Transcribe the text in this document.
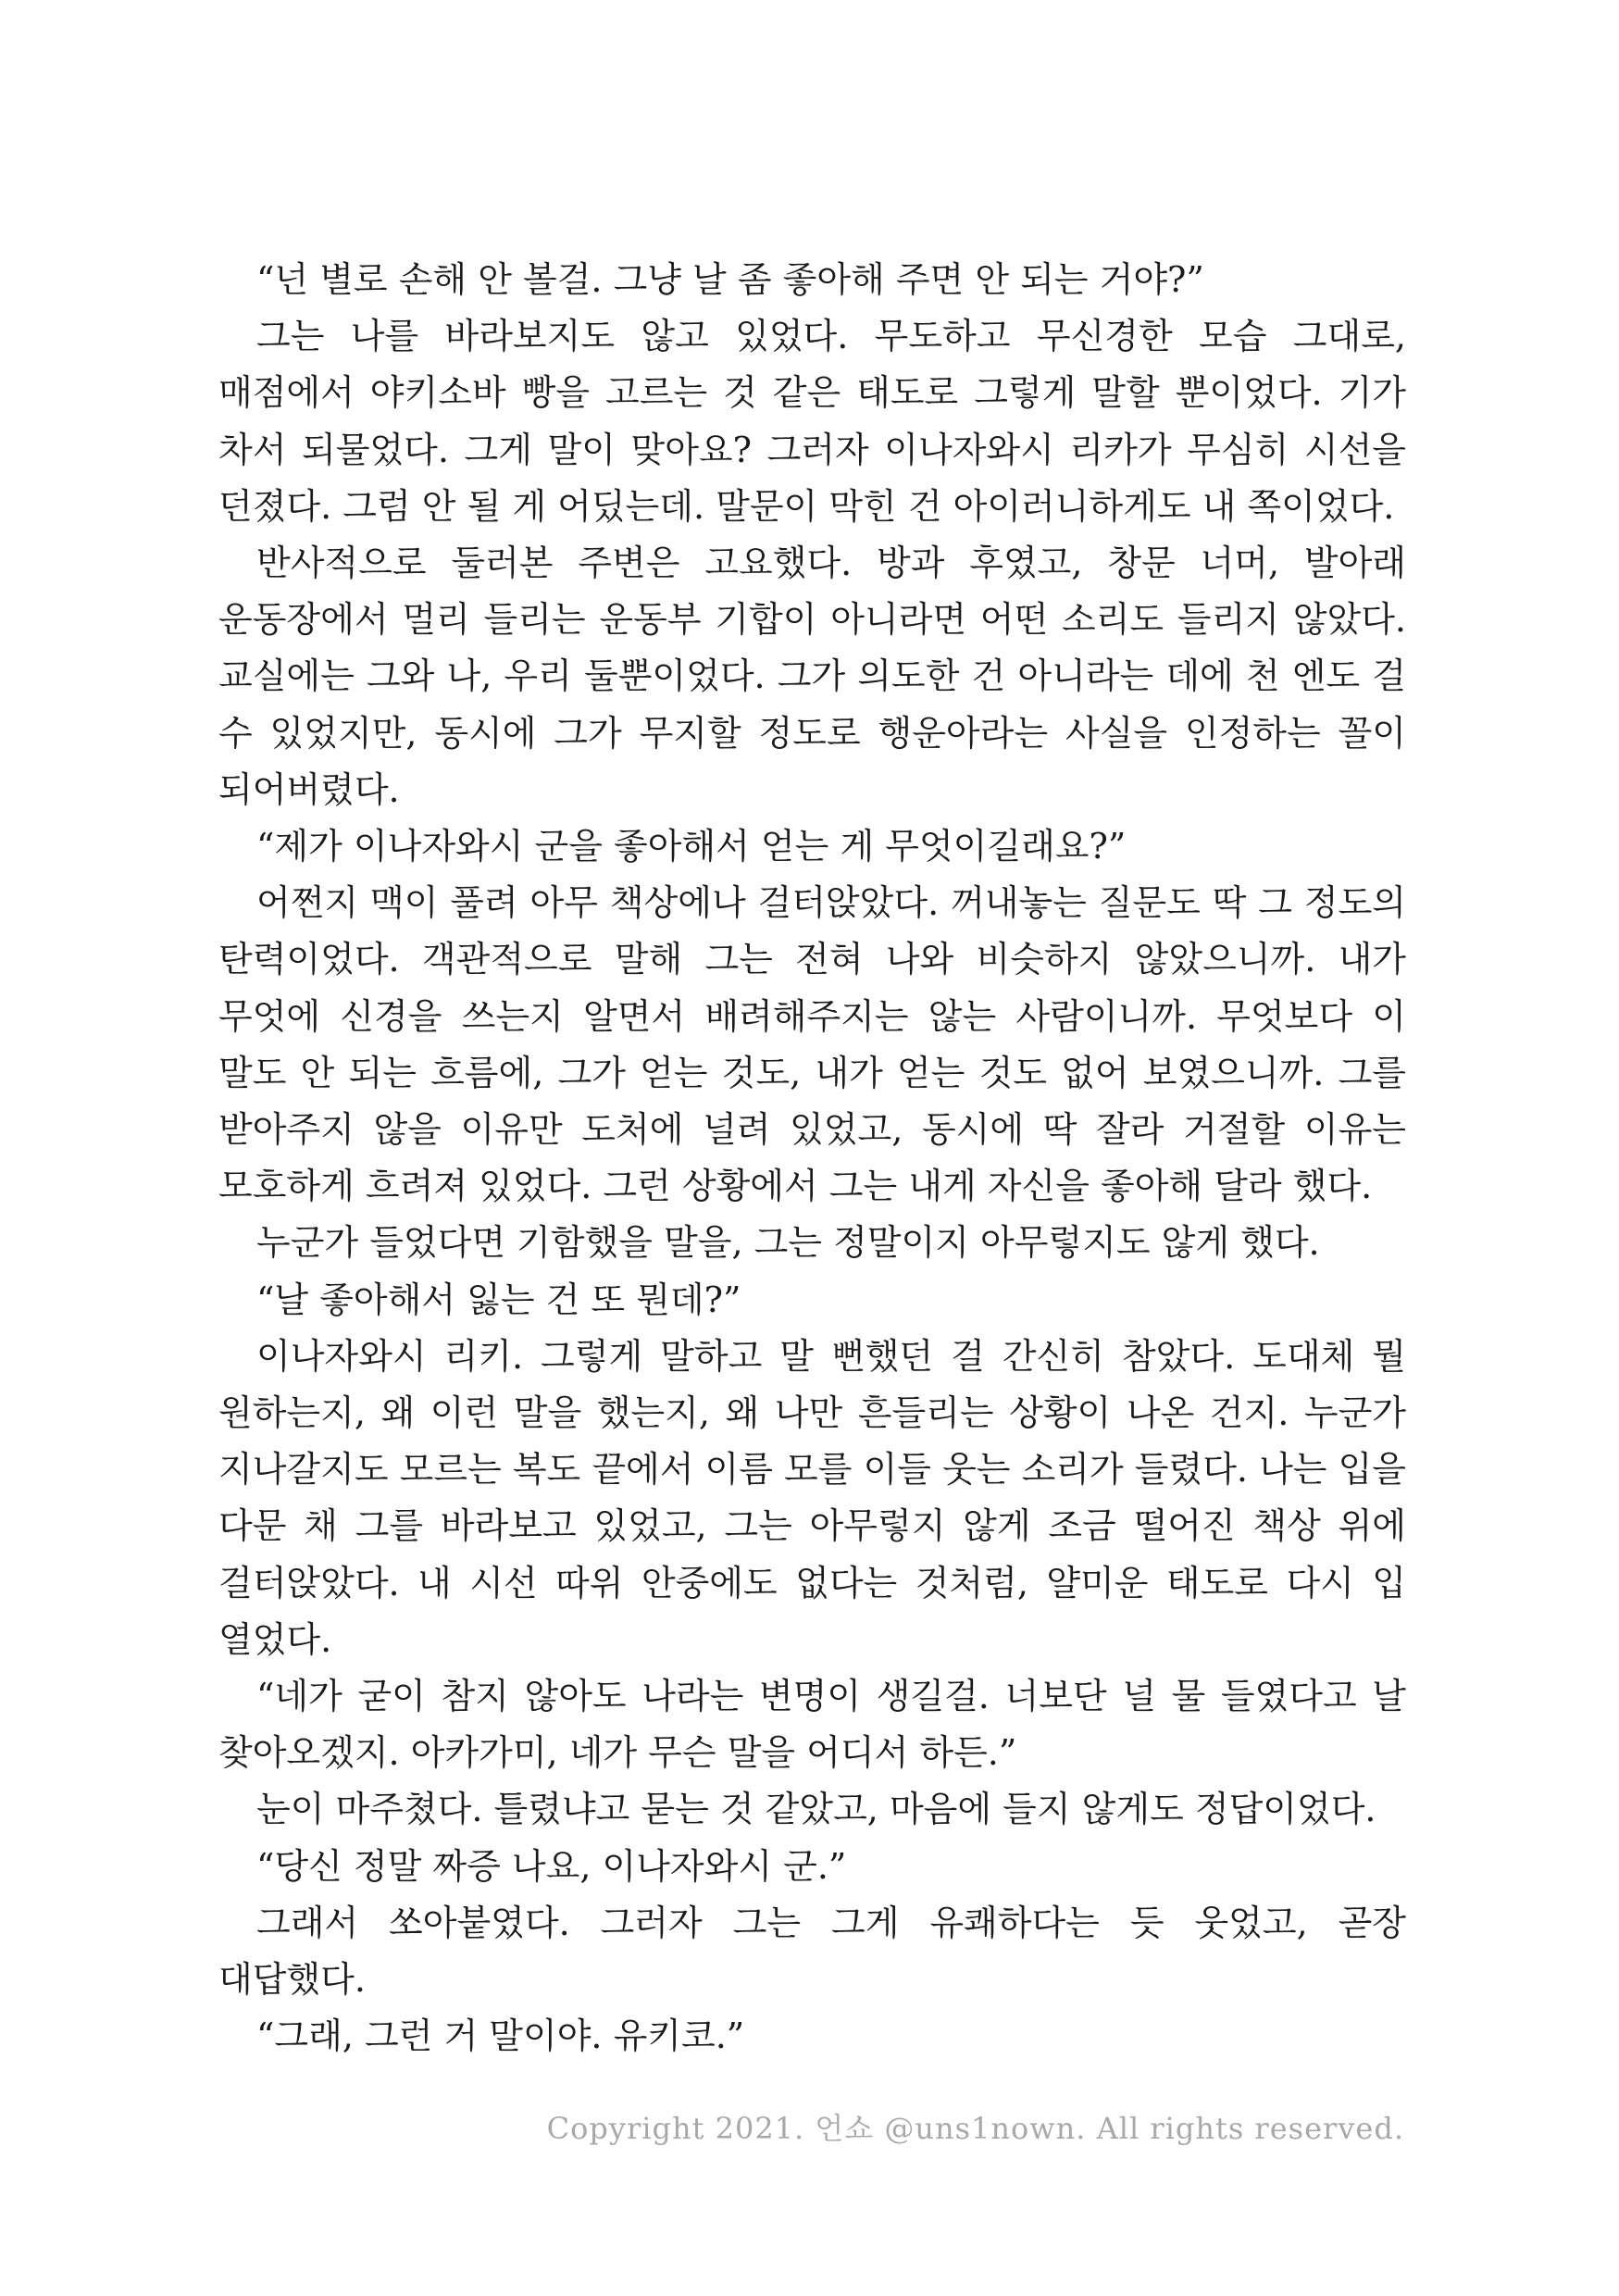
“넌 별로 손해 안 볼걸. 그냥 날 좀 좋아해 주면 안 되는 거야?”

그는 나를 바라보지도 않고 있었다. 무도하고 무신경한 모습 그대로, 매점에서 야키소바 빵을 고르는 것 같은 태도로 그렇게 말할 뿐이었다. 기가 차서 되물었다. 그게 말이 맞아요? 그러자 이나자와시 리카가 무심히 시선을 던졌다. 그럼 안 될 게 어딨는데. 말문이 막힌 건 아이러니하게도 내 쪽이었다.

반사적으로 둘러본 주변은 고요했다. 방과 후였고, 창문 너머, 발아래 운동장에서 멀리 들리는 운동부 기합이 아니라면 어떤 소리도 들리지 않았다. 교실에는 그와 나, 우리 둘뿐이었다. 그가 의도한 건 아니라는 데에 천 엔도 걸 수 있었지만, 동시에 그가 무지할 정도로 행운아라는 사실을 인정하는 꼴이 되어버렸다.

“제가 이나자와시 군을 좋아해서 얻는 게 무엇이길래요?”

어쩐지 맥이 풀려 아무 책상에나 걸터앉았다. 꺼내놓는 질문도 딱 그 정도의 탄력이었다. 객관적으로 말해 그는 전혀 나와 비슷하지 않았으니까. 내가 무엇에 신경을 쓰는지 알면서 배려해주지는 않는 사람이니까. 무엇보다 이 말도 안 되는 흐름에, 그가 얻는 것도, 내가 얻는 것도 없어 보였으니까. 그를 받아주지 않을 이유만 도처에 널려 있었고, 동시에 딱 잘라 거절할 이유는 모호하게 흐려져 있었다. 그런 상황에서 그는 내게 자신을 좋아해 달라 했다.

누군가 들었다면 기함했을 말을, 그는 정말이지 아무렇지도 않게 했다.

“날 좋아해서 잃는 건 또 뭔데?”

이나자와시 리키. 그렇게 말하고 말 뻔했던 걸 간신히 참았다. 도대체 뭘 원하는지, 왜 이런 말을 했는지, 왜 나만 흔들리는 상황이 나온 건지. 누군가 지나갈지도 모르는 복도 끝에서 이름 모를 이들 웃는 소리가 들렸다. 나는 입을 다문 채 그를 바라보고 있었고, 그는 아무렇지 않게 조금 떨어진 책상 위에 걸터앉았다. 내 시선 따위 안중에도 없다는 것처럼, 얄미운 태도로 다시 입 열었다.

“네가 굳이 참지 않아도 나라는 변명이 생길걸. 너보단 널 물 들였다고 날 찾아오겠지. 아카가미, 네가 무슨 말을 어디서 하든.”

눈이 마주쳤다. 틀렸냐고 묻는 것 같았고, 마음에 들지 않게도 정답이었다.

“당신 정말 짜증 나요, 이나자와시 군.”

그래서 쏘아붙였다. 그러자 그는 그게 유쾌하다는 듯 웃었고, 곧장 대답했다.

“그래, 그런 거 말이야. 유키코.”

Copyright 2021. 언쇼 @uns1nown. All rights reserved.
